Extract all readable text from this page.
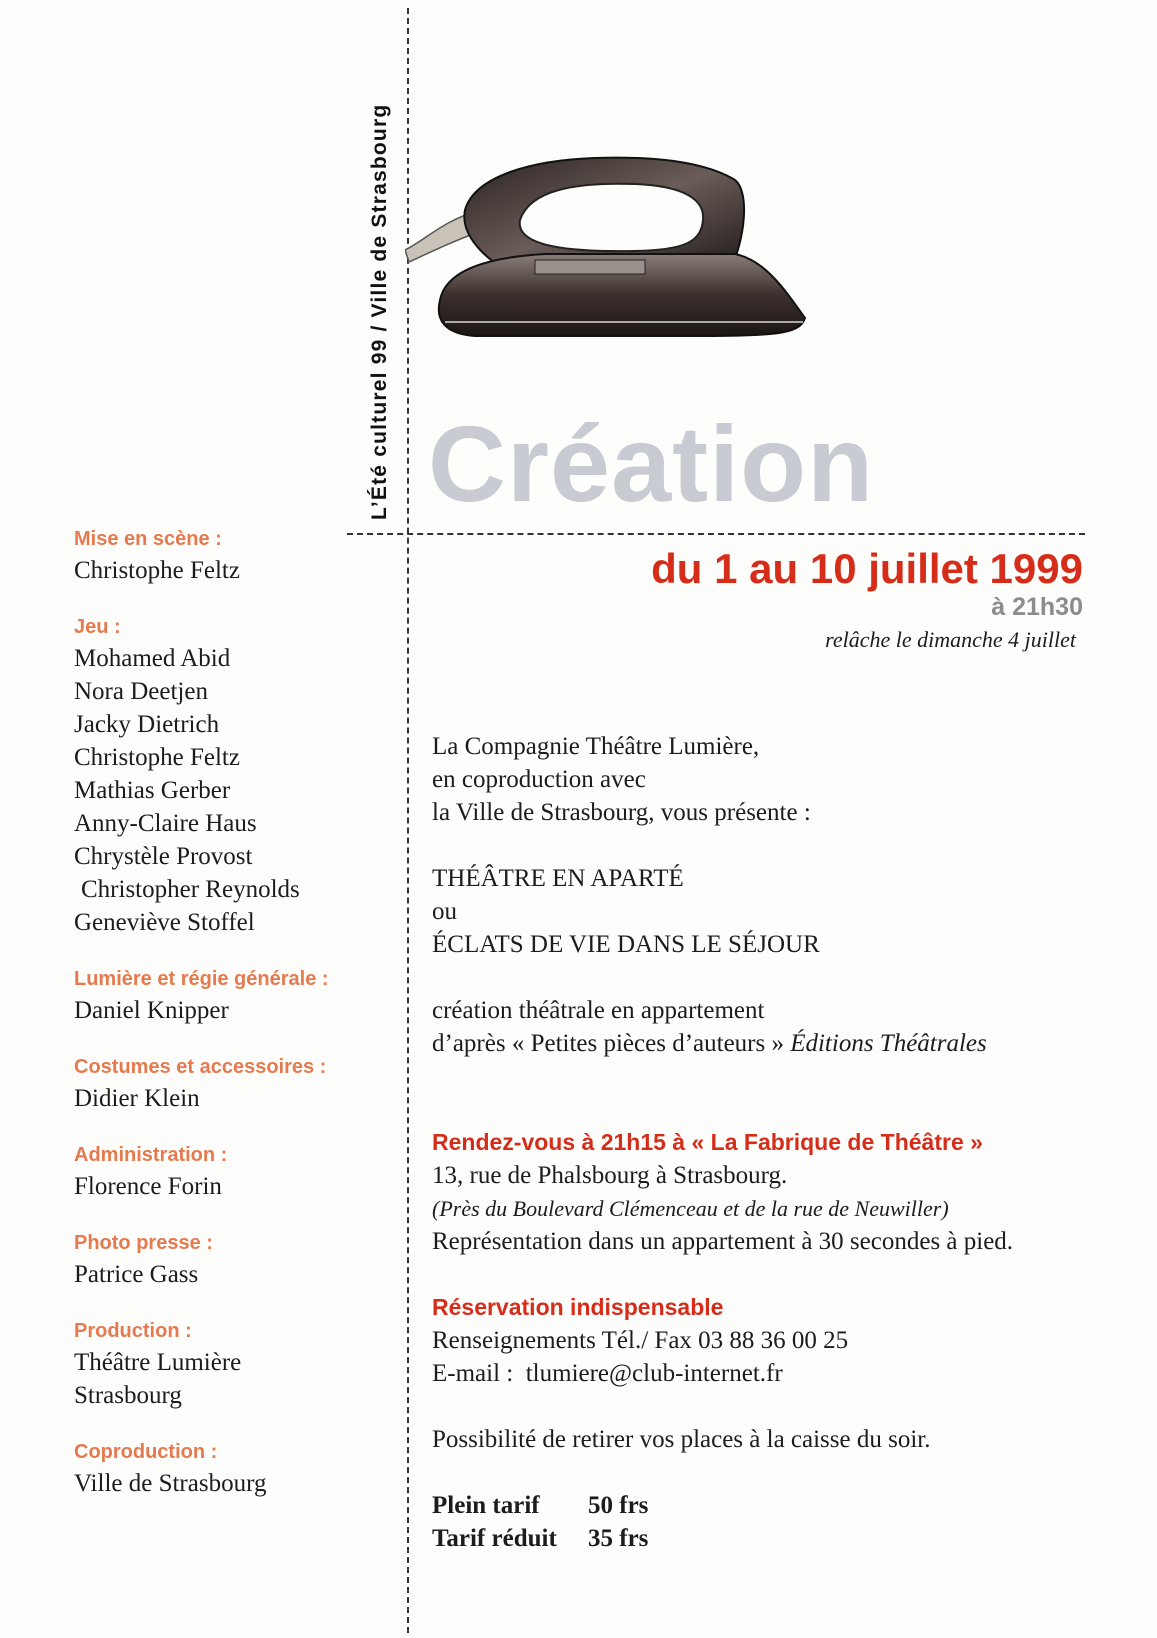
L’Été culturel 99 / Ville de Strasbourg Création
du 1 au 10 juillet 1999
à 21h30
relâche le dimanche 4 juillet
Mise en scène :
Christophe Feltz
Jeu :
Mohamed Abid
Nora Deetjen
Jacky Dietrich
Christophe Feltz
Mathias Gerber
Anny-Claire Haus
Chrystèle Provost
Christopher Reynolds
Geneviève Stoffel
Lumière et régie générale :
Daniel Knipper
Costumes et accessoires :
Didier Klein
Administration :
Florence Forin
Photo presse :
Patrice Gass
Production :
Théâtre Lumière
Strasbourg
Coproduction :
Ville de Strasbourg
La Compagnie Théâtre Lumière,
en coproduction avec
la Ville de Strasbourg, vous présente :
THÉÂTRE EN APARTÉ
ou
ÉCLATS DE VIE DANS LE SÉJOUR
création théâtrale en appartement
d’après « Petites pièces d’auteurs » Éditions Théâtrales
Rendez-vous à 21h15 à « La Fabrique de Théâtre »
13, rue de Phalsbourg à Strasbourg.
(Près du Boulevard Clémenceau et de la rue de Neuwiller)
Représentation dans un appartement à 30 secondes à pied.
Réservation indispensable
Renseignements Tél./ Fax 03 88 36 00 25
E-mail :  tlumiere@club-internet.fr
Possibilité de retirer vos places à la caisse du soir.
Plein tarif	50 frs
Tarif réduit	35 frs
